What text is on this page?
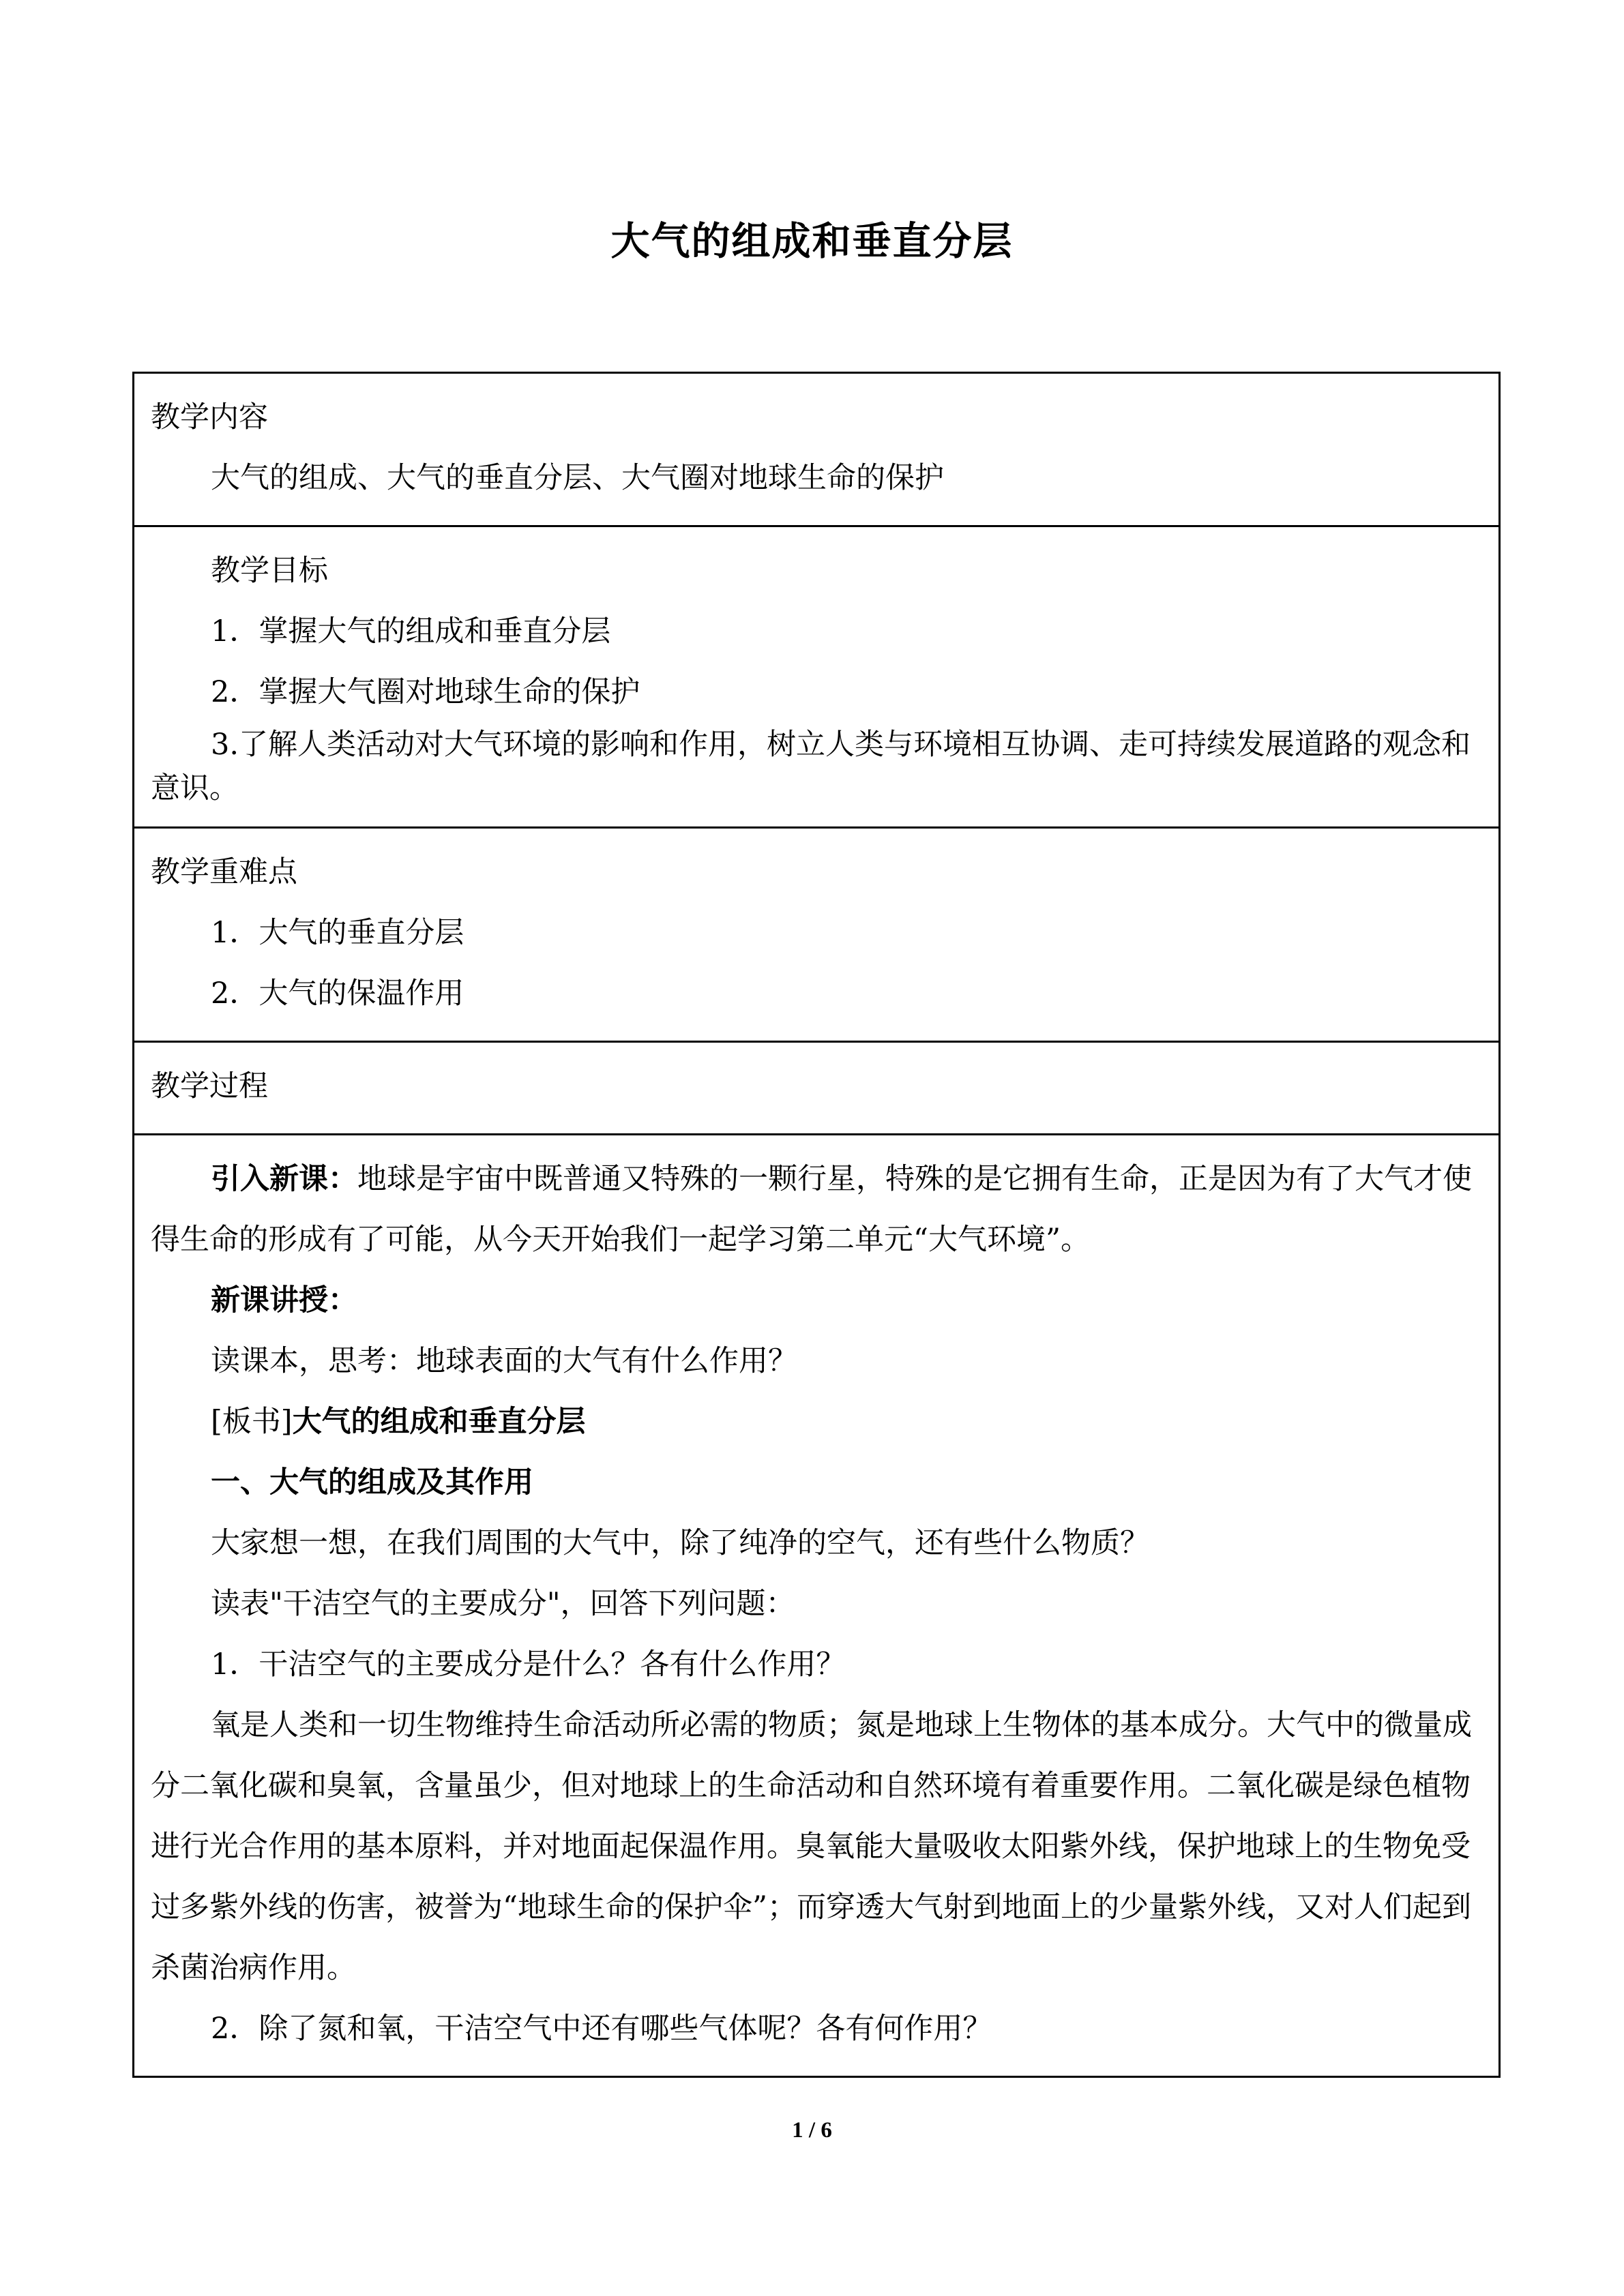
大气的组成和垂直分层

教学内容

大气的组成、大气的垂直分层、大气圈对地球生命的保护

教学目标

1．掌握大气的组成和垂直分层

2．掌握大气圈对地球生命的保护

3.了解人类活动对大气环境的影响和作用，树立人类与环境相互协调、走可持续发展道路的观念和意识。

教学重难点

1．大气的垂直分层

2．大气的保温作用

教学过程

引入新课：地球是宇宙中既普通又特殊的一颗行星，特殊的是它拥有生命，正是因为有了大气才使得生命的形成有了可能，从今天开始我们一起学习第二单元“大气环境”。

新课讲授：

读课本，思考：地球表面的大气有什么作用？

[板书]大气的组成和垂直分层

一、大气的组成及其作用

大家想一想，在我们周围的大气中，除了纯净的空气，还有些什么物质？

读表"干洁空气的主要成分"，回答下列问题：

1．干洁空气的主要成分是什么？各有什么作用？

氧是人类和一切生物维持生命活动所必需的物质；氮是地球上生物体的基本成分。大气中的微量成分二氧化碳和臭氧，含量虽少，但对地球上的生命活动和自然环境有着重要作用。二氧化碳是绿色植物进行光合作用的基本原料，并对地面起保温作用。臭氧能大量吸收太阳紫外线，保护地球上的生物免受过多紫外线的伤害，被誉为“地球生命的保护伞”；而穿透大气射到地面上的少量紫外线，又对人们起到杀菌治病作用。

2．除了氮和氧，干洁空气中还有哪些气体呢？各有何作用？

1 / 6
